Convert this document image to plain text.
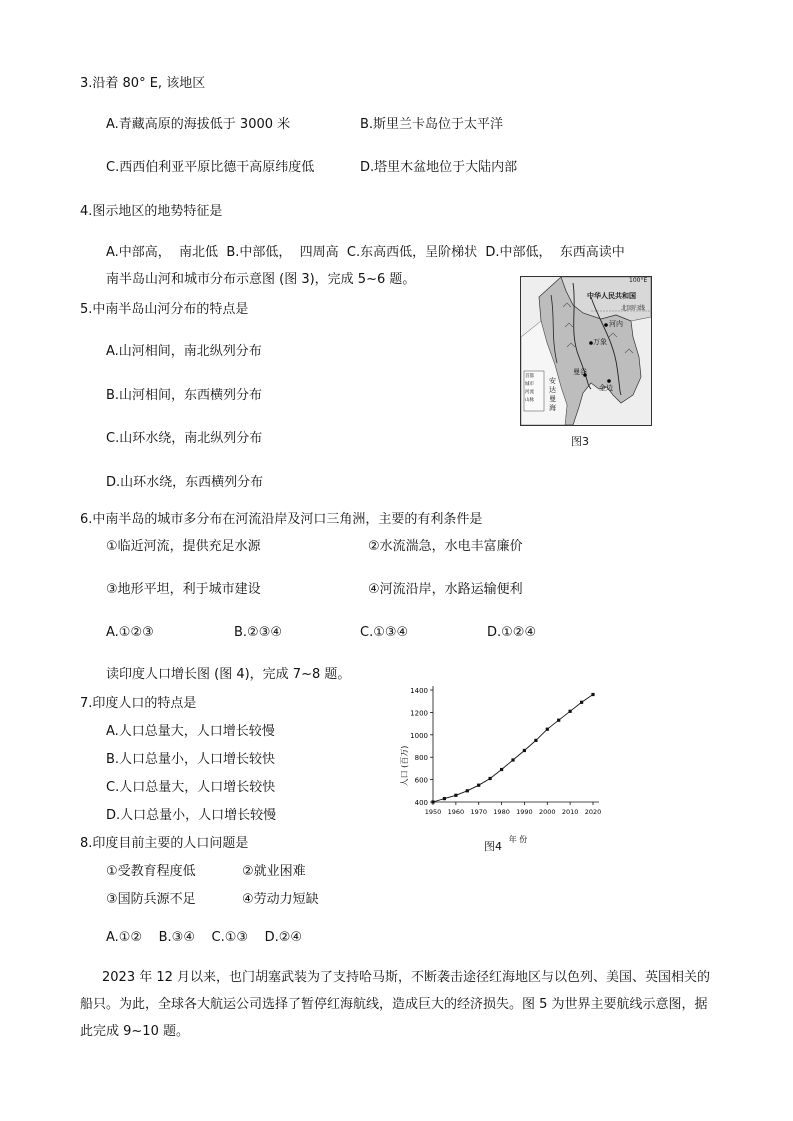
3.沿着 80° E, 该地区
A.青藏高原的海拔低于 3000 米	B.斯里兰卡岛位于太平洋
C.西西伯利亚平原比德干高原纬度低	D.塔里木盆地位于大陆内部
4.图示地区的地势特征是
A.中部高，  南北低  B.中部低，  四周高  C.东高西低，呈阶梯状  D.中部低，  东西高读中
南半岛山河和城市分布示意图 (图 3)，完成 5~6 题。
5.中南半岛山河分布的特点是
A.山河相间，南北纵列分布
B.山河相间，东西横列分布
C.山环水绕，南北纵列分布
D.山环水绕，东西横列分布
中华人民共和国
100°E
北回归线
河内
万象
曼谷
金边
安达曼海
首都
城市
河流
山脉
图3
6.中南半岛的城市多分布在河流沿岸及河口三角洲，主要的有利条件是
①临近河流，提供充足水源	②水流湍急，水电丰富廉价
③地形平坦，利于城市建设	④河流沿岸，水路运输便利
A.①②③	B.②③④	C.①③④	D.①②④
读印度人口增长图 (图 4)，完成 7~8 题。
7.印度人口的特点是
A.人口总量大，人口增长较慢
B.人口总量小，人口增长较快
C.人口总量大，人口增长较快
D.人口总量小，人口增长较慢
8.印度目前主要的人口问题是
①受教育程度低	②就业困难
③国防兵源不足	④劳动力短缺
A.①②    B.③④    C.①③    D.②④
人口 (百万)
年 份
400
600
800
1000
1200
1400
1950 1960 1970 1980 1990 2000 2010 2020
图4
2023 年 12 月以来，也门胡塞武装为了支持哈马斯，不断袭击途径红海地区与以色列、美国、英国相关的船只。为此，全球各大航运公司选择了暂停红海航线，造成巨大的经济损失。图 5 为世界主要航线示意图，据此完成 9~10 题。
